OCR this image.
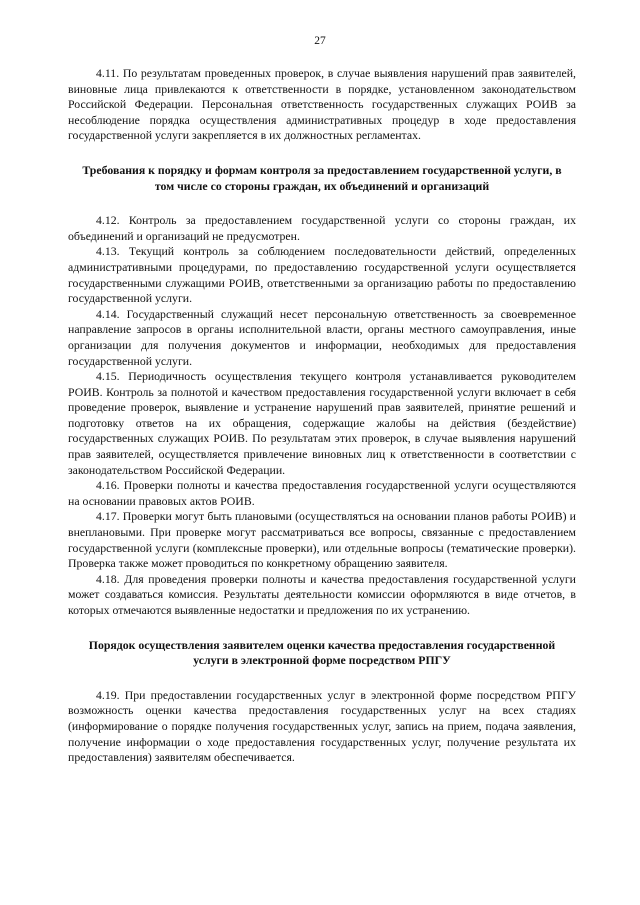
27

4.11. По результатам проведенных проверок, в случае выявления нарушений прав заявителей, виновные лица привлекаются к ответственности в порядке, установленном законодательством Российской Федерации. Персональная ответственность государственных служащих РОИВ за несоблюдение порядка осуществления административных процедур в ходе предоставления государственной услуги закрепляется в их должностных регламентах.

Требования к порядку и формам контроля за предоставлением государственной услуги, в том числе со стороны граждан, их объединений и организаций

4.12. Контроль за предоставлением государственной услуги со стороны граждан, их объединений и организаций не предусмотрен.

4.13. Текущий контроль за соблюдением последовательности действий, определенных административными процедурами, по предоставлению государственной услуги осуществляется государственными служащими РОИВ, ответственными за организацию работы по предоставлению государственной услуги.

4.14. Государственный служащий несет персональную ответственность за своевременное направление запросов в органы исполнительной власти, органы местного самоуправления, иные организации для получения документов и информации, необходимых для предоставления государственной услуги.

4.15. Периодичность осуществления текущего контроля устанавливается руководителем РОИВ. Контроль за полнотой и качеством предоставления государственной услуги включает в себя проведение проверок, выявление и устранение нарушений прав заявителей, принятие решений и подготовку ответов на их обращения, содержащие жалобы на действия (бездействие) государственных служащих РОИВ. По результатам этих проверок, в случае выявления нарушений прав заявителей, осуществляется привлечение виновных лиц к ответственности в соответствии с законодательством Российской Федерации.

4.16. Проверки полноты и качества предоставления государственной услуги осуществляются на основании правовых актов РОИВ.

4.17. Проверки могут быть плановыми (осуществляться на основании планов работы РОИВ) и внеплановыми. При проверке могут рассматриваться все вопросы, связанные с предоставлением государственной услуги (комплексные проверки), или отдельные вопросы (тематические проверки). Проверка также может проводиться по конкретному обращению заявителя.

4.18. Для проведения проверки полноты и качества предоставления государственной услуги может создаваться комиссия. Результаты деятельности комиссии оформляются в виде отчетов, в которых отмечаются выявленные недостатки и предложения по их устранению.

Порядок осуществления заявителем оценки качества предоставления государственной услуги в электронной форме посредством РПГУ

4.19. При предоставлении государственных услуг в электронной форме посредством РПГУ возможность оценки качества предоставления государственных услуг на всех стадиях (информирование о порядке получения государственных услуг, запись на прием, подача заявления, получение информации о ходе предоставления государственных услуг, получение результата их предоставления) заявителям обеспечивается.
